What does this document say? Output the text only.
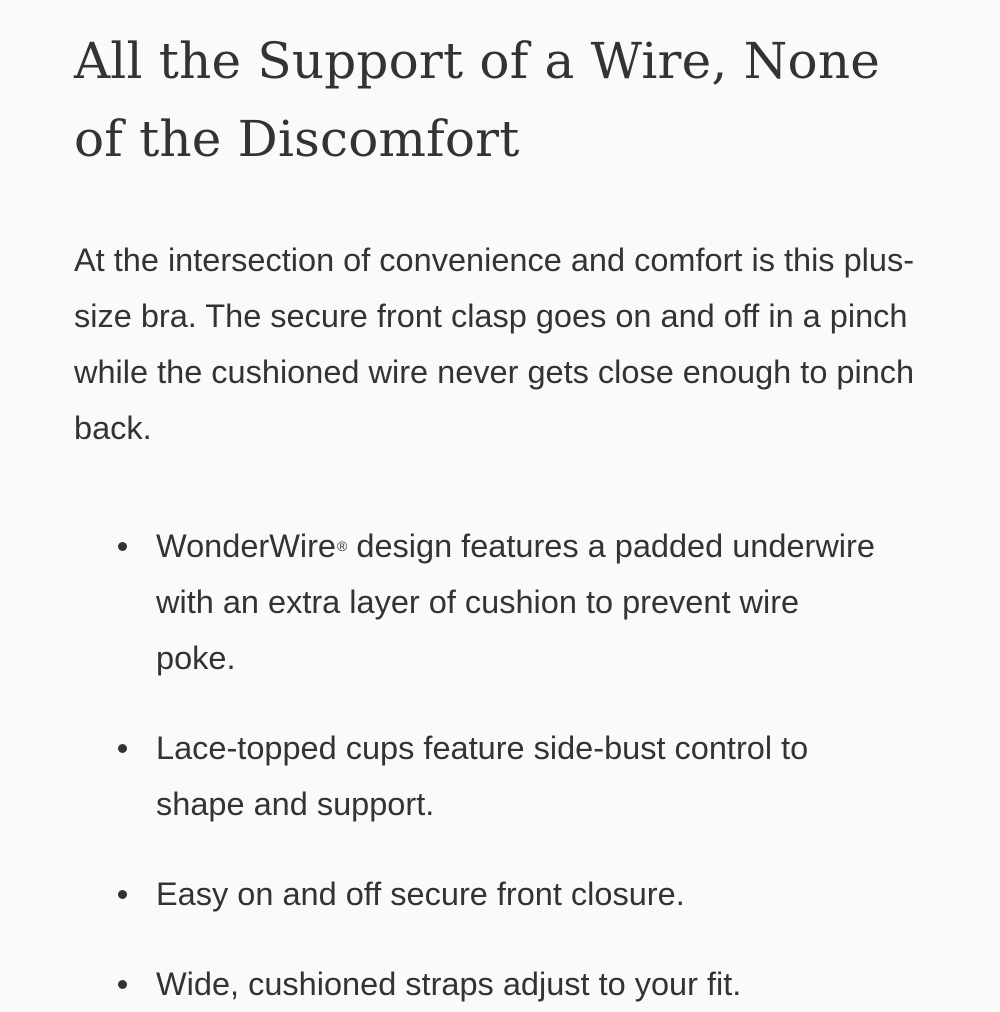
All the Support of a Wire, None of the Discomfort

At the intersection of convenience and comfort is this plus-size bra. The secure front clasp goes on and off in a pinch while the cushioned wire never gets close enough to pinch back.

WonderWire® design features a padded underwire with an extra layer of cushion to prevent wire poke.
Lace-topped cups feature side-bust control to shape and support.
Easy on and off secure front closure.
Wide, cushioned straps adjust to your fit.
